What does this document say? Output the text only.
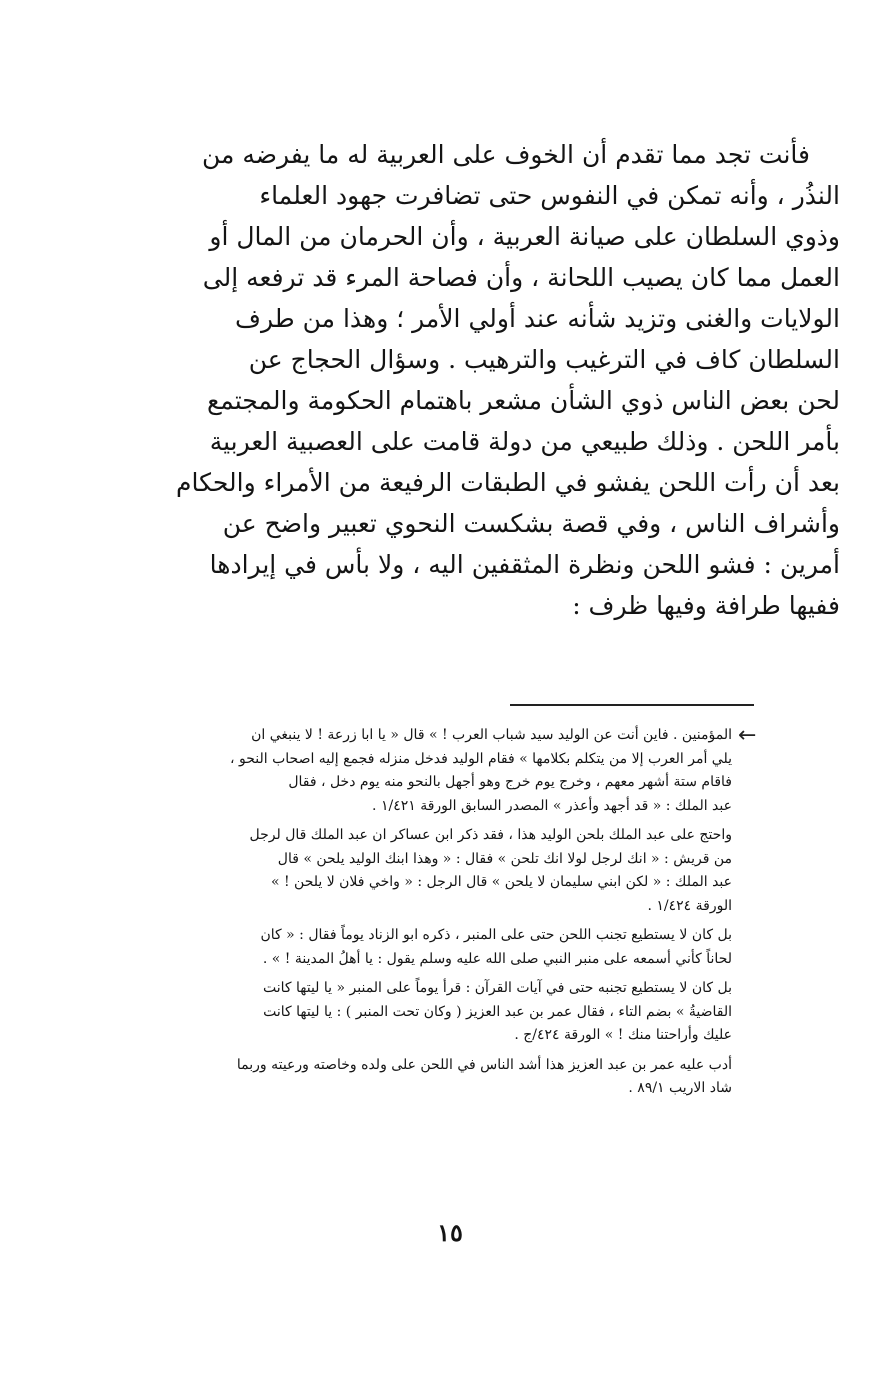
فأنت تجد مما تقدم أن الخوف على العربية له ما يفرضه من
النذُر ، وأنه تمكن في النفوس حتى تضافرت جهود العلماء
وذوي السلطان على صيانة العربية ، وأن الحرمان من المال أو
العمل مما كان يصيب اللحانة ، وأن فصاحة المرء قد ترفعه إلى
الولايات والغنى وتزيد شأنه عند أولي الأمر ؛ وهذا من طرف
السلطان كاف في الترغيب والترهيب . وسؤال الحجاج عن
لحن بعض الناس ذوي الشأن مشعر باهتمام الحكومة والمجتمع
بأمر اللحن . وذلك طبيعي من دولة قامت على العصبية العربية
بعد أن رأت اللحن يفشو في الطبقات الرفيعة من الأمراء والحكام
وأشراف الناس ، وفي قصة بشكست النحوي تعبير واضح عن
أمرين : فشو اللحن ونظرة المثقفين اليه ، ولا بأس في إيرادها
ففيها طرافة وفيها ظرف :
←
المؤمنين . فاين أنت عن الوليد سيد شباب العرب ! » قال « يا ابا زرعة ! لا ينبغي ان
يلي أمر العرب إلا من يتكلم بكلامها » فقام الوليد فدخل منزله فجمع إليه اصحاب النحو ،
فاقام ستة أشهر معهم ، وخرج يوم خرج وهو أجهل بالنحو منه يوم دخل ، فقال
عبد الملك : « قد أجهد وأعذر » المصدر السابق الورقة ١/٤٢١ .
واحتج على عبد الملك بلحن الوليد هذا ، فقد ذكر ابن عساكر ان عبد الملك قال لرجل
من قريش : « انك لرجل لولا انك تلحن » فقال : « وهذا ابنك الوليد يلحن » قال
عبد الملك : « لكن ابني سليمان لا يلحن » قال الرجل : « واخي فلان لا يلحن ! »
الورقة ١/٤٢٤ .
بل كان لا يستطيع تجنب اللحن حتى على المنبر ، ذكره ابو الزناد يوماً فقال : « كان
لحاناً كأني أسمعه على منبر النبي صلى الله عليه وسلم يقول : يا أهلُ المدينة ! » .
بل كان لا يستطيع تجنبه حتى في آيات القرآن : قرأ يوماً على المنبر « يا ليتها كانت
القاضيةُ » بضم التاء ، فقال عمر بن عبد العزيز ( وكان تحت المنبر ) : يا ليتها كانت
عليك وأراحتنا منك ! » الورقة ٤٢٤/ج .
أدب عليه عمر بن عبد العزيز هذا أشد الناس في اللحن على ولده وخاصته ورعيته وربما
شاد الاريب ٨٩/١ .
١٥
